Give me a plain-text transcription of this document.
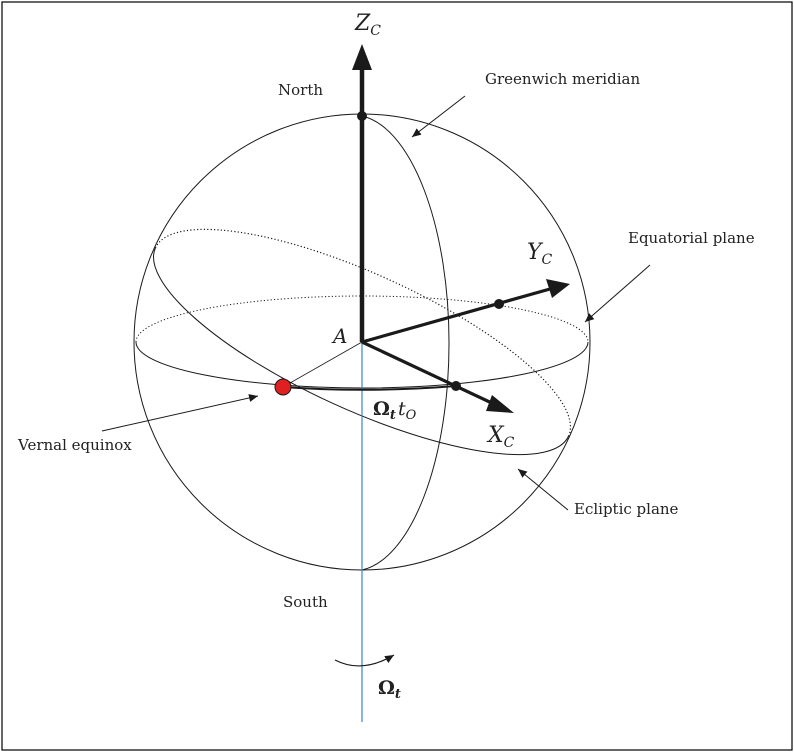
$Z_C$
$Y_C$
$X_C$
A
$\Omega_t$ $t_O$
$\Omega_t$
North
South
Greenwich meridian
Equatorial plane
Ecliptic plane
Vernal equinox
